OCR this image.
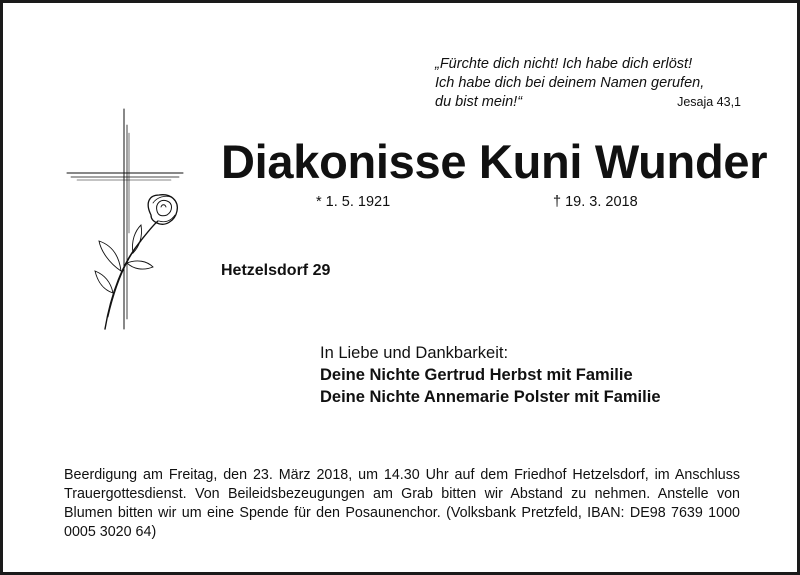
„Fürchte dich nicht! Ich habe dich erlöst!
Ich habe dich bei deinem Namen gerufen,
du bist mein!“	Jesaja 43,1
Diakonisse Kuni Wunder
* 1. 5. 1921	† 19. 3. 2018
Hetzelsdorf 29
In Liebe und Dankbarkeit:
Deine Nichte Gertrud Herbst mit Familie
Deine Nichte Annemarie Polster mit Familie
Beerdigung am Freitag, den 23. März 2018, um 14.30 Uhr auf dem Friedhof Hetzelsdorf, im Anschluss Trauergottesdienst. Von Beileidsbezeugungen am Grab bitten wir Abstand zu nehmen. Anstelle von Blumen bitten wir um eine Spende für den Posaunenchor. (Volksbank Pretzfeld, IBAN: DE98 7639 1000 0005 3020 64)
